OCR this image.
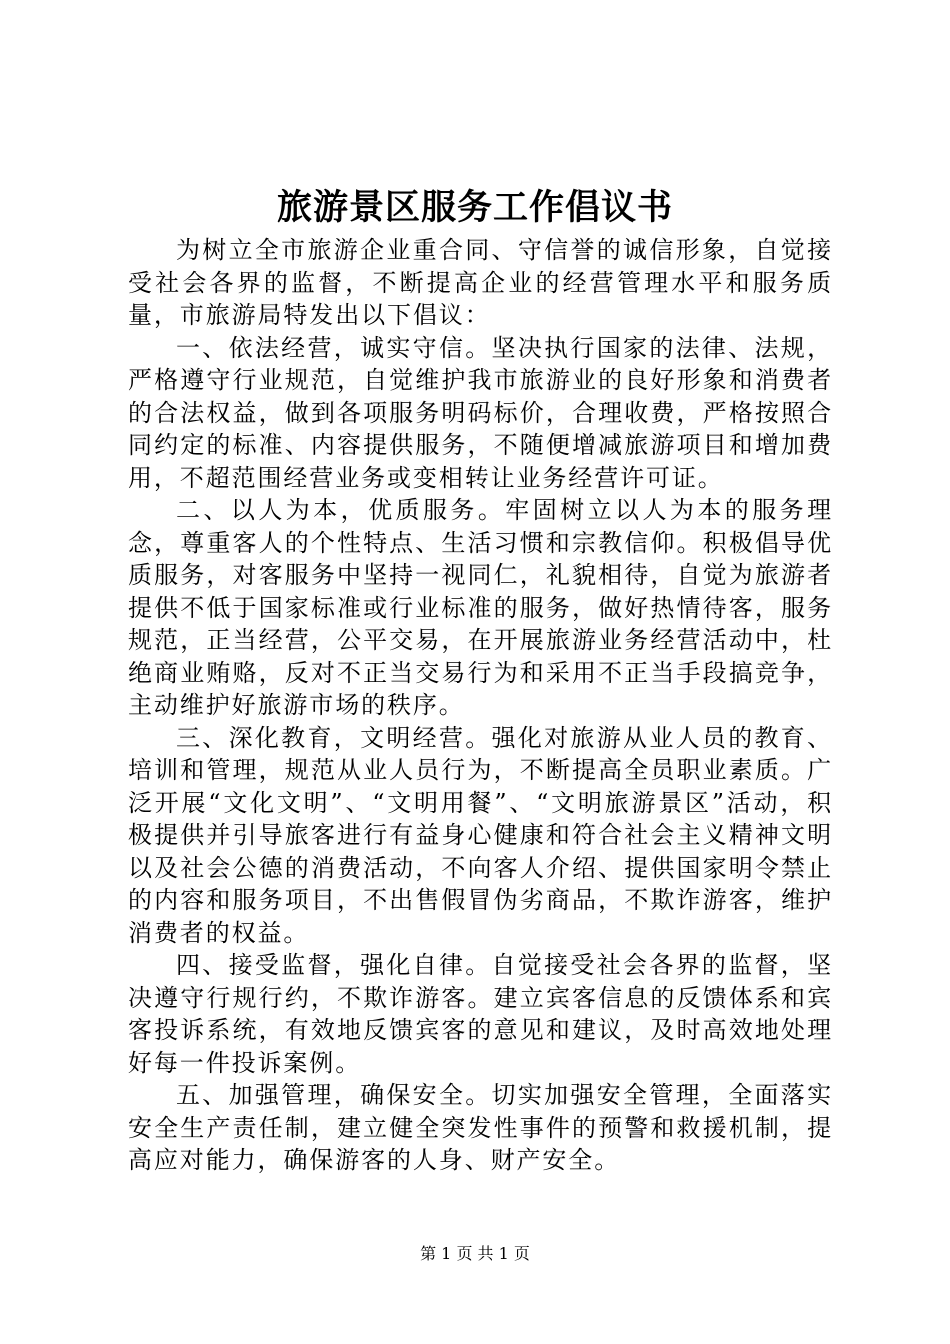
旅游景区服务工作倡议书

为树立全市旅游企业重合同、守信誉的诚信形象，自觉接受社会各界的监督，不断提高企业的经营管理水平和服务质量，市旅游局特发出以下倡议：

一、依法经营，诚实守信。坚决执行国家的法律、法规，严格遵守行业规范，自觉维护我市旅游业的良好形象和消费者的合法权益，做到各项服务明码标价，合理收费，严格按照合同约定的标准、内容提供服务，不随便增减旅游项目和增加费用，不超范围经营业务或变相转让业务经营许可证。

二、以人为本，优质服务。牢固树立以人为本的服务理念，尊重客人的个性特点、生活习惯和宗教信仰。积极倡导优质服务，对客服务中坚持一视同仁，礼貌相待，自觉为旅游者提供不低于国家标准或行业标准的服务，做好热情待客，服务规范，正当经营，公平交易，在开展旅游业务经营活动中，杜绝商业贿赂，反对不正当交易行为和采用不正当手段搞竞争，主动维护好旅游市场的秩序。

三、深化教育，文明经营。强化对旅游从业人员的教育、培训和管理，规范从业人员行为，不断提高全员职业素质。广泛开展“文化文明”、“文明用餐”、“文明旅游景区”活动，积极提供并引导旅客进行有益身心健康和符合社会主义精神文明以及社会公德的消费活动，不向客人介绍、提供国家明令禁止的内容和服务项目，不出售假冒伪劣商品，不欺诈游客，维护消费者的权益。

四、接受监督，强化自律。自觉接受社会各界的监督，坚决遵守行规行约，不欺诈游客。建立宾客信息的反馈体系和宾客投诉系统，有效地反馈宾客的意见和建议，及时高效地处理好每一件投诉案例。

五、加强管理，确保安全。切实加强安全管理，全面落实安全生产责任制，建立健全突发性事件的预警和救援机制，提高应对能力，确保游客的人身、财产安全。

第 1 页 共 1 页
